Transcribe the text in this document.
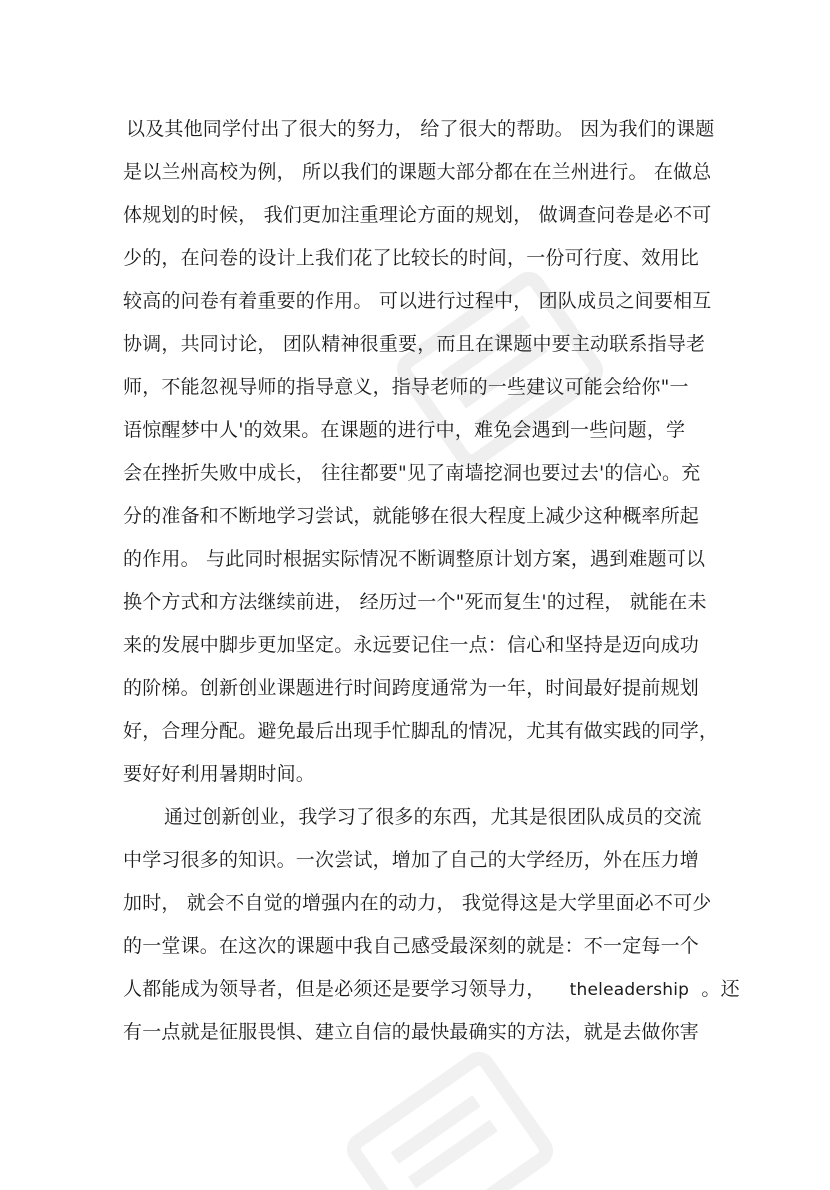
以及其他同学付出了很大的努力， 给了很大的帮助。 因为我们的课题
是以兰州高校为例， 所以我们的课题大部分都在在兰州进行。 在做总
体规划的时候， 我们更加注重理论方面的规划， 做调查问卷是必不可
少的，在问卷的设计上我们花了比较长的时间，一份可行度、效用比
较高的问卷有着重要的作用。 可以进行过程中， 团队成员之间要相互
协调，共同讨论， 团队精神很重要，而且在课题中要主动联系指导老
师，不能忽视导师的指导意义，指导老师的一些建议可能会给你"一
语惊醒梦中人'的效果。在课题的进行中，难免会遇到一些问题，学
会在挫折失败中成长， 往往都要"见了南墙挖洞也要过去'的信心。充
分的准备和不断地学习尝试，就能够在很大程度上减少这种概率所起
的作用。 与此同时根据实际情况不断调整原计划方案，遇到难题可以
换个方式和方法继续前进， 经历过一个"死而复生'的过程， 就能在未
来的发展中脚步更加坚定。永远要记住一点：信心和坚持是迈向成功
的阶梯。创新创业课题进行时间跨度通常为一年，时间最好提前规划
好，合理分配。避免最后出现手忙脚乱的情况，尤其有做实践的同学，
要好好利用暑期时间。
通过创新创业，我学习了很多的东西，尤其是很团队成员的交流
中学习很多的知识。一次尝试，增加了自己的大学经历，外在压力增
加时， 就会不自觉的增强内在的动力， 我觉得这是大学里面必不可少
的一堂课。在这次的课题中我自己感受最深刻的就是：不一定每一个
人都能成为领导者，但是必须还是要学习领导力， theleadership 。还
有一点就是征服畏惧、建立自信的最快最确实的方法，就是去做你害
